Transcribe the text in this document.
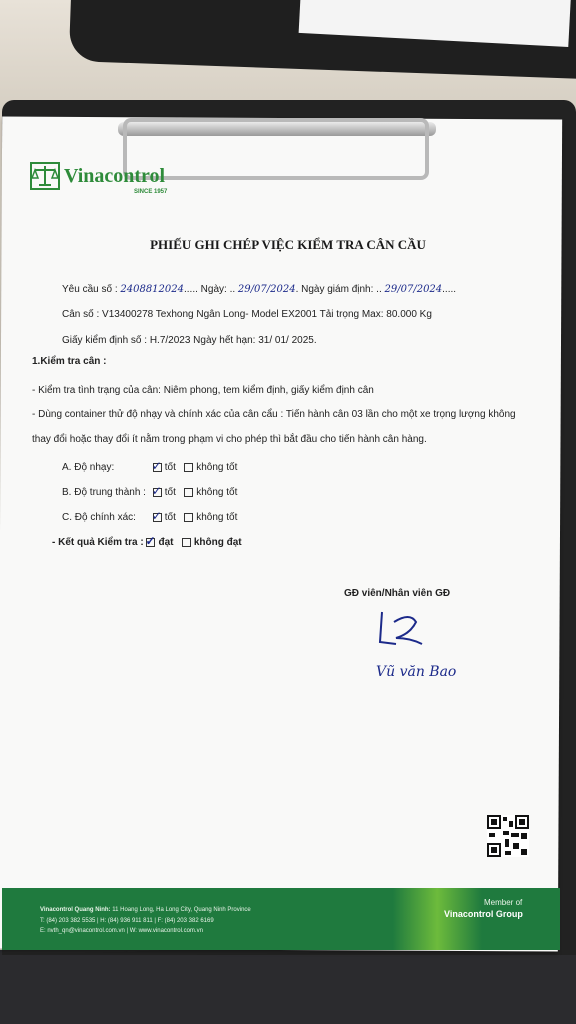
Vinacontrol
SINCE 1957
PHIẾU GHI CHÉP VIỆC KIỂM TRA CÂN CẦU
Yêu cầu số : 2408812024..... Ngày: .. 29/07/2024. Ngày giám định: .. 29/07/2024.....
Cân số : V13400278 Texhong Ngân Long- Model EX2001 Tải trọng Max: 80.000 Kg
Giấy kiểm định số : H.7/2023 Ngày hết hạn: 31/ 01/ 2025.
1.Kiểm tra cân :
- Kiểm tra tình trạng của cân: Niêm phong, tem kiểm định, giấy kiểm định cân
- Dùng container thử độ nhạy và chính xác của cân cẩu : Tiến hành cân 03 lần cho một xe trọng lượng không
thay đổi hoặc thay đổi ít nằm trong phạm vi cho phép thì bắt đầu cho tiến hành cân hàng.
A. Độ nhạy:	✓ tốt không tốt
B. Độ trung thành : ✓ tốt không tốt
C. Độ chính xác: ✓ tốt không tốt
- Kết quả Kiểm tra : ✓ đạt không đạt
GĐ viên/Nhân viên GĐ
Vũ văn Bao
Vinacontrol Quang Ninh: 11 Hoang Long, Ha Long City, Quang Ninh Province
T: (84) 203 382 5535 | H: (84) 936 911 811 | F: (84) 203 382 6169
E: nvth_qn@vinacontrol.com.vn | W: www.vinacontrol.com.vn
Member of
Vinacontrol Group
